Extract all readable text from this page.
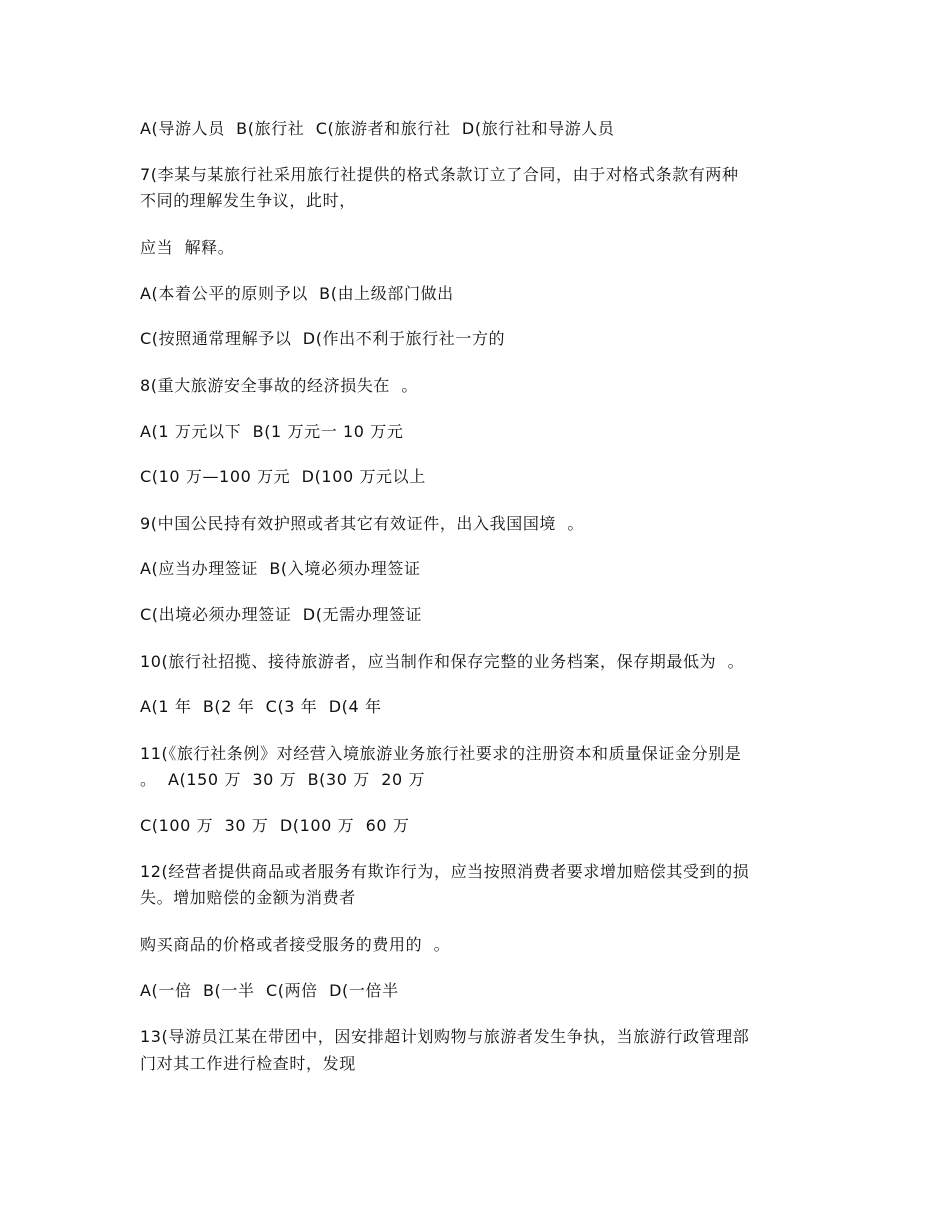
A(导游人员  B(旅行社  C(旅游者和旅行社  D(旅行社和导游人员
7(李某与某旅行社采用旅行社提供的格式条款订立了合同，由于对格式条款有两种
不同的理解发生争议，此时，
应当  解释。
A(本着公平的原则予以  B(由上级部门做出
C(按照通常理解予以  D(作出不利于旅行社一方的
8(重大旅游安全事故的经济损失在  。
A(1 万元以下  B(1 万元一 10 万元
C(10 万—100 万元  D(100 万元以上
9(中国公民持有效护照或者其它有效证件，出入我国国境  。
A(应当办理签证  B(入境必须办理签证
C(出境必须办理签证  D(无需办理签证
10(旅行社招揽、接待旅游者，应当制作和保存完整的业务档案，保存期最低为  。
A(1 年  B(2 年  C(3 年  D(4 年
11(《旅行社条例》对经营入境旅游业务旅行社要求的注册资本和质量保证金分别是
。  A(150 万  30 万  B(30 万  20 万
C(100 万  30 万  D(100 万  60 万
12(经营者提供商品或者服务有欺诈行为，应当按照消费者要求增加赔偿其受到的损
失。增加赔偿的金额为消费者
购买商品的价格或者接受服务的费用的  。
A(一倍  B(一半  C(两倍  D(一倍半
13(导游员江某在带团中，因安排超计划购物与旅游者发生争执，当旅游行政管理部
门对其工作进行检查时，发现
